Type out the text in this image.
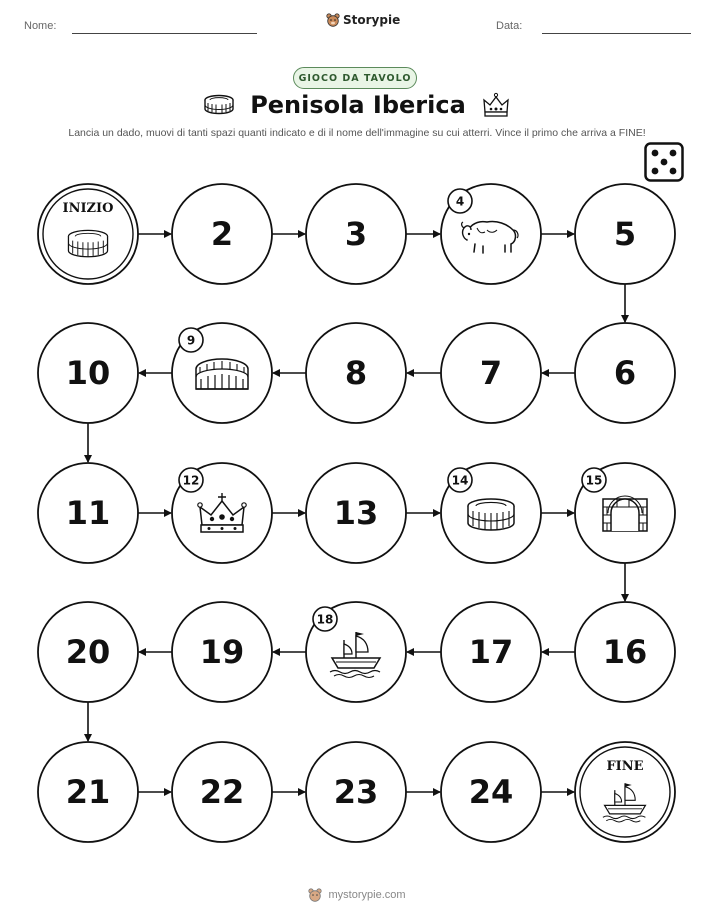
Nome:	Storypie	Data:
GIOCO DA TAVOLO
Penisola Iberica
Lancia un dado, muovi di tanti spazi quanti indicato e di il nome dell'immagine su cui atterri. Vince il primo che arriva a FINE!
INIZIO
2	3
4
5
6
7
8
9
10
11
12
13
14	15
16
17
18
19
20
21	22	23	24
FINE
mystorypie.com
